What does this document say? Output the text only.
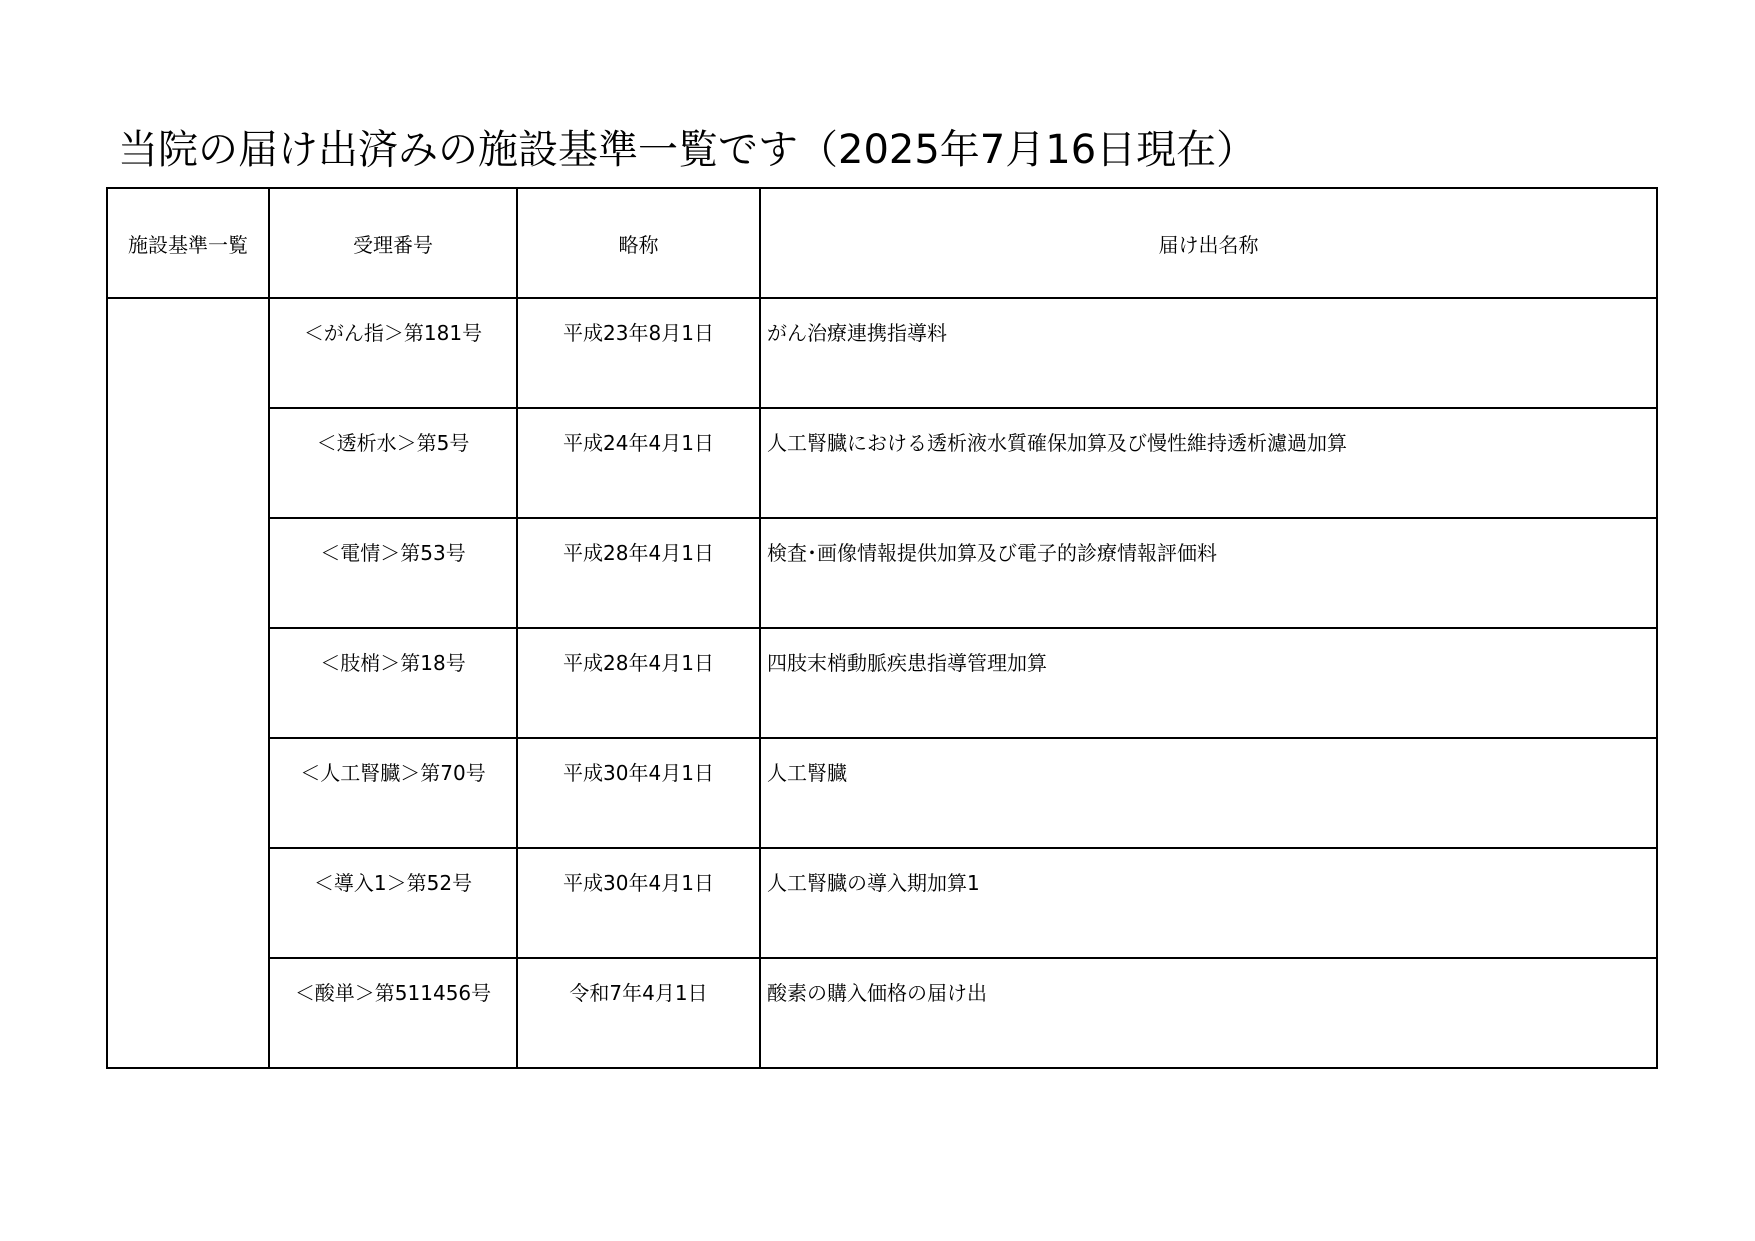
当院の届け出済みの施設基準一覧です（2025年7月16日現在）
施設基準一覧	受理番号	略称	届け出名称
	＜がん指＞第181号	平成23年8月1日	がん治療連携指導料
	＜透析水＞第5号	平成24年4月1日	人工腎臓における透析液水質確保加算及び慢性維持透析濾過加算
	＜電情＞第53号	平成28年4月1日	検査･画像情報提供加算及び電子的診療情報評価料
	＜肢梢＞第18号	平成28年4月1日	四肢末梢動脈疾患指導管理加算
	＜人工腎臓＞第70号	平成30年4月1日	人工腎臓
	＜導入1＞第52号	平成30年4月1日	人工腎臓の導入期加算1
	＜酸単＞第511456号	令和7年4月1日	酸素の購入価格の届け出
